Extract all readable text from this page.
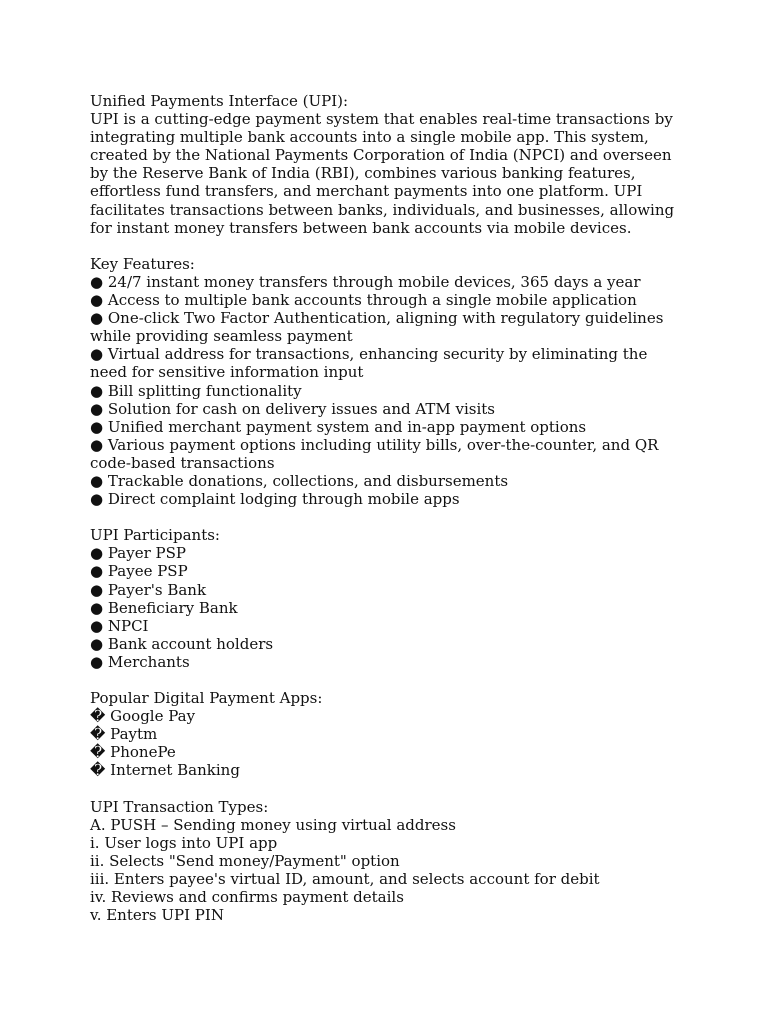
Unified Payments Interface (UPI):
UPI is a cutting-edge payment system that enables real-time transactions by
integrating multiple bank accounts into a single mobile app. This system,
created by the National Payments Corporation of India (NPCI) and overseen
by the Reserve Bank of India (RBI), combines various banking features,
effortless fund transfers, and merchant payments into one platform. UPI
facilitates transactions between banks, individuals, and businesses, allowing
for instant money transfers between bank accounts via mobile devices.
Key Features:
● 24/7 instant money transfers through mobile devices, 365 days a year
● Access to multiple bank accounts through a single mobile application
● One-click Two Factor Authentication, aligning with regulatory guidelines
while providing seamless payment
● Virtual address for transactions, enhancing security by eliminating the
need for sensitive information input
● Bill splitting functionality
● Solution for cash on delivery issues and ATM visits
● Unified merchant payment system and in-app payment options
● Various payment options including utility bills, over-the-counter, and QR
code-based transactions
● Trackable donations, collections, and disbursements
● Direct complaint lodging through mobile apps
UPI Participants:
● Payer PSP
● Payee PSP
● Payer's Bank
● Beneficiary Bank
● NPCI
● Bank account holders
● Merchants
Popular Digital Payment Apps:
� Google Pay
� Paytm
� PhonePe
� Internet Banking
UPI Transaction Types:
A. PUSH – Sending money using virtual address
i. User logs into UPI app
ii. Selects "Send money/Payment" option
iii. Enters payee's virtual ID, amount, and selects account for debit
iv. Reviews and confirms payment details
v. Enters UPI PIN
